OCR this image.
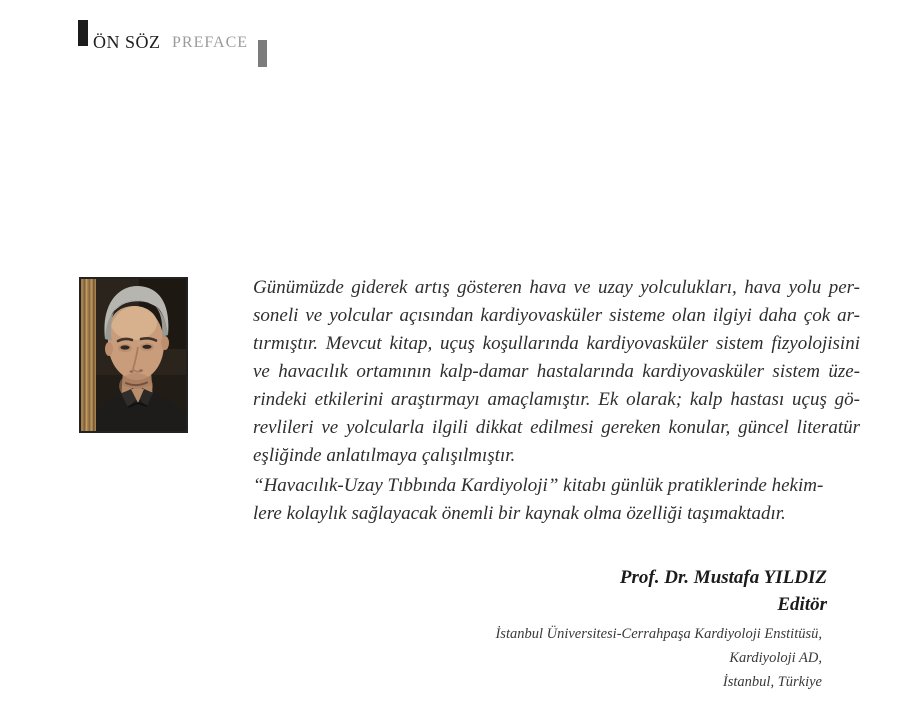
ÖN SÖZ PREFACE
Günümüzde giderek artış gösteren hava ve uzay yolculukları, hava yolu per-
soneli ve yolcular açısından kardiyovasküler sisteme olan ilgiyi daha çok ar-
tırmıştır. Mevcut kitap, uçuş koşullarında kardiyovasküler sistem fizyolojisini
ve havacılık ortamının kalp-damar hastalarında kardiyovasküler sistem üze-
rindeki etkilerini araştırmayı amaçlamıştır. Ek olarak; kalp hastası uçuş gö-
revlileri ve yolcularla ilgili dikkat edilmesi gereken konular, güncel literatür
eşliğinde anlatılmaya çalışılmıştır.
“Havacılık-Uzay Tıbbında Kardiyoloji” kitabı günlük pratiklerinde hekim-
lere kolaylık sağlayacak önemli bir kaynak olma özelliği taşımaktadır.
Prof. Dr. Mustafa YILDIZ
Editör
İstanbul Üniversitesi-Cerrahpaşa Kardiyoloji Enstitüsü,
Kardiyoloji AD,
İstanbul, Türkiye
